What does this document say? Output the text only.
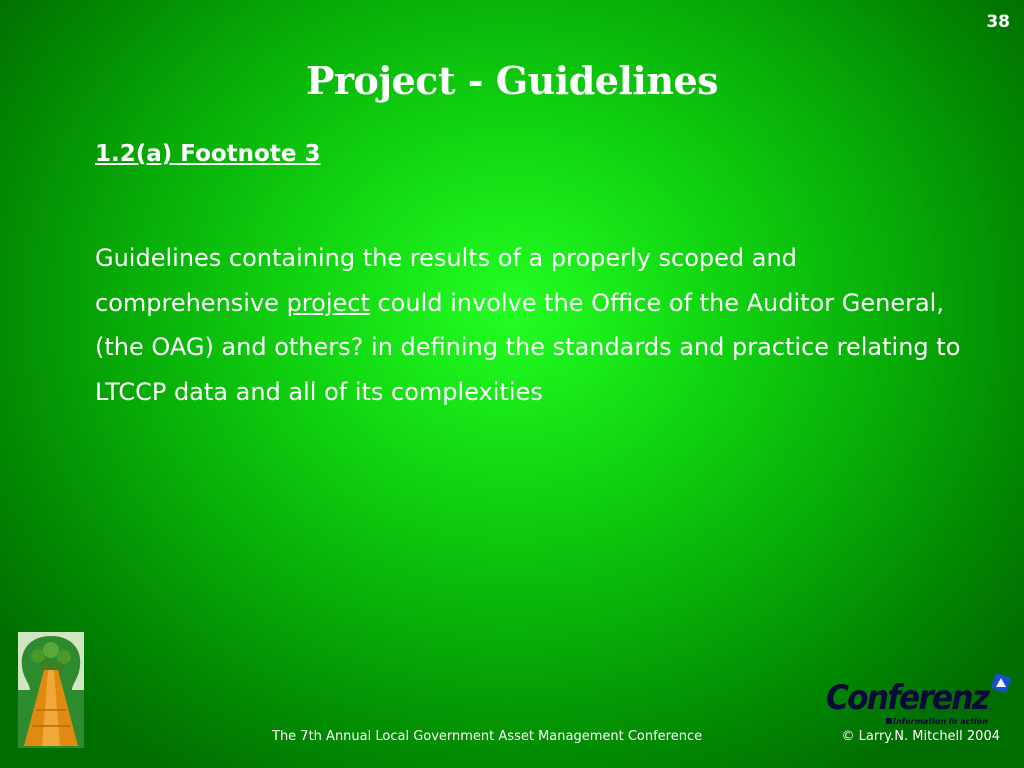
38
Project - Guidelines
1.2(a) Footnote 3
Guidelines containing the results of a properly scoped and comprehensive project could involve the Office of the Auditor General, (the OAG) and others? in defining the standards and practice relating to LTCCP data and all of its complexities
The 7th Annual Local Government Asset Management Conference	© Larry.N. Mitchell 2004
Conferenz
Information in action
